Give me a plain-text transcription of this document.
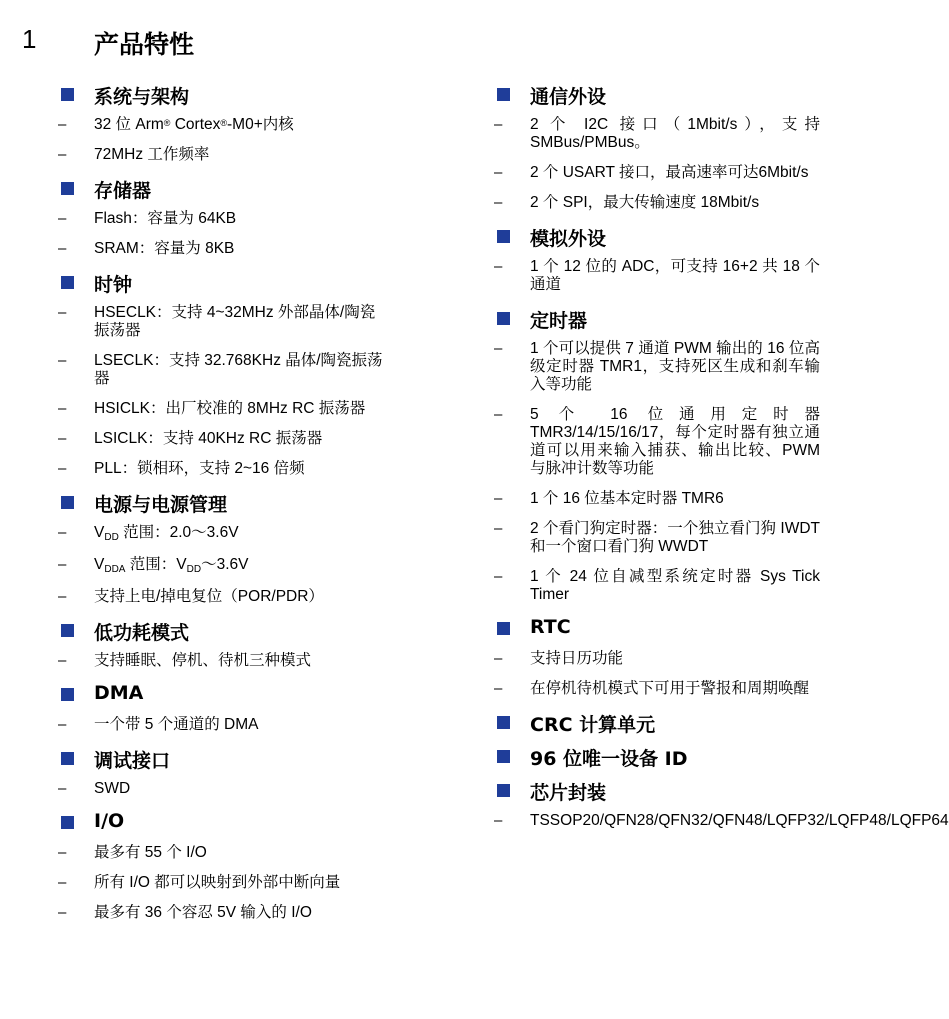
1 产品特性
系统与架构
– 32 位 Arm® Cortex®-M0+内核
– 72MHz 工作频率
存储器
– Flash：容量为 64KB
– SRAM：容量为 8KB
时钟
– HSECLK：支持 4~32MHz 外部晶体/陶瓷振荡器
– LSECLK：支持 32.768KHz 晶体/陶瓷振荡器
– HSICLK：出厂校准的 8MHz RC 振荡器
– LSICLK：支持 40KHz RC 振荡器
– PLL：锁相环，支持 2~16 倍频
电源与电源管理
– $V_{DD}$ 范围：2.0～3.6V
– $V_{DDA}$ 范围：$V_{DD}\sim 3.6V$
– 支持上电/掉电复位（POR/PDR）
低功耗模式
– 支持睡眠、停机、待机三种模式
DMA
– 一个带 5 个通道的 DMA
调试接口
– SWD
I/O
– 最多有 55 个 I/O
– 所有 I/O 都可以映射到外部中断向量
– 最多有 36 个容忍 5V 输入的 I/O
通信外设
– 2 个 I2C 接口（1Mbit/s），支持SMBus/PMBus。
– 2 个 USART 接口，最高速率可达6Mbit/s
– 2 个 SPI，最大传输速度 18Mbit/s
模拟外设
– 1 个 12 位的 ADC，可支持 16+2 共 18 个通道
定时器
– 1 个可以提供 7 通道 PWM 输出的 16 位高级定时器 TMR1，支持死区生成和刹车输入等功能
– 5 个 16 位通用定时器TMR3/14/15/16/17，每个定时器有独立通道可以用来输入捕获、输出比较、PWM 与脉冲计数等功能
– 1 个 16 位基本定时器 TMR6
– 2 个看门狗定时器：一个独立看门狗 IWDT 和一个窗口看门狗 WWDT
– 1 个 24 位自减型系统定时器 Sys Tick Timer
RTC
– 支持日历功能
– 在停机待机模式下可用于警报和周期唤醒
CRC 计算单元
96 位唯一设备 ID
芯片封装
– TSSOP20/QFN28/QFN32/QFN48/LQFP32/LQFP48/LQFP64
